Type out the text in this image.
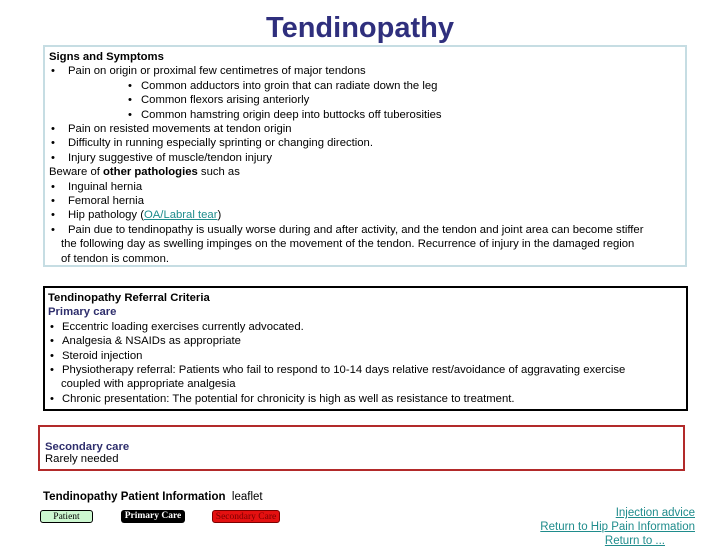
Tendinopathy
Signs and Symptoms
• Pain on origin or proximal few centimetres of major tendons
• Common adductors into groin that can radiate down the leg
• Common flexors arising anteriorly
• Common hamstring origin deep into buttocks off tuberosities
• Pain on resisted movements at tendon origin
• Difficulty in running especially sprinting or changing direction.
• Injury suggestive of muscle/tendon injury
Beware of other pathologies such as
• Inguinal hernia
• Femoral hernia
• Hip pathology (OA/Labral tear)
• Pain due to tendinopathy is usually worse during and after activity, and the tendon and joint area can become stiffer
the following day as swelling impinges on the movement of the tendon. Recurrence of injury in the damaged region
of tendon is common.
Tendinopathy Referral Criteria
Primary care
• Eccentric loading exercises currently advocated.
• Analgesia & NSAIDs as appropriate
• Steroid injection
• Physiotherapy referral: Patients who fail to respond to 10-14 days relative rest/avoidance of aggravating exercise
coupled with appropriate analgesia
• Chronic presentation: The potential for chronicity is high as well as resistance to treatment.
.
Secondary care
Rarely needed
Tendinopathy Patient Information leaflet
Patient	Primary Care	Secondary Care	Injection advice
Return to Hip Pain Information
Return to ...
